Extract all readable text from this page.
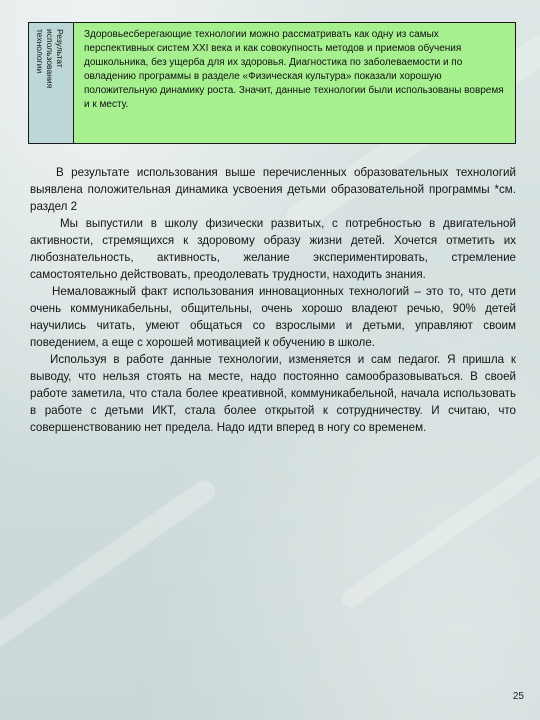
Результат
использования
технологии	Здоровьесберегающие технологии можно рассматривать как одну из самых перспективных систем XXI века и как совокупность методов и приемов обучения дошкольника, без ущерба для их здоровья. Диагностика по заболеваемости и по овладению программы в разделе «Физическая культура» показали хорошую положительную динамику роста. Значит, данные технологии были использованы вовремя и к месту.

В результате использования выше перечисленных образовательных технологий выявлена положительная динамика усвоения детьми образовательной программы *см. раздел 2

Мы выпустили в школу физически развитых, с потребностью в двигательной активности, стремящихся к здоровому образу жизни детей. Хочется отметить их любознательность, активность, желание экспериментировать, стремление самостоятельно действовать, преодолевать трудности, находить знания.

Немаловажный факт использования инновационных технологий – это то, что дети очень коммуникабельны, общительны, очень хорошо владеют речью, 90% детей научились читать, умеют общаться со взрослыми и детьми, управляют своим поведением, а еще с хорошей мотивацией к обучению в школе.

Используя в работе данные технологии, изменяется и сам педагог. Я пришла к выводу, что нельзя стоять на месте, надо постоянно самообразовываться. В своей работе заметила, что стала более креативной, коммуникабельной, начала использовать в работе с детьми ИКТ, стала более открытой к сотрудничеству. И считаю, что совершенствованию нет предела. Надо идти вперед в ногу со временем.

25
